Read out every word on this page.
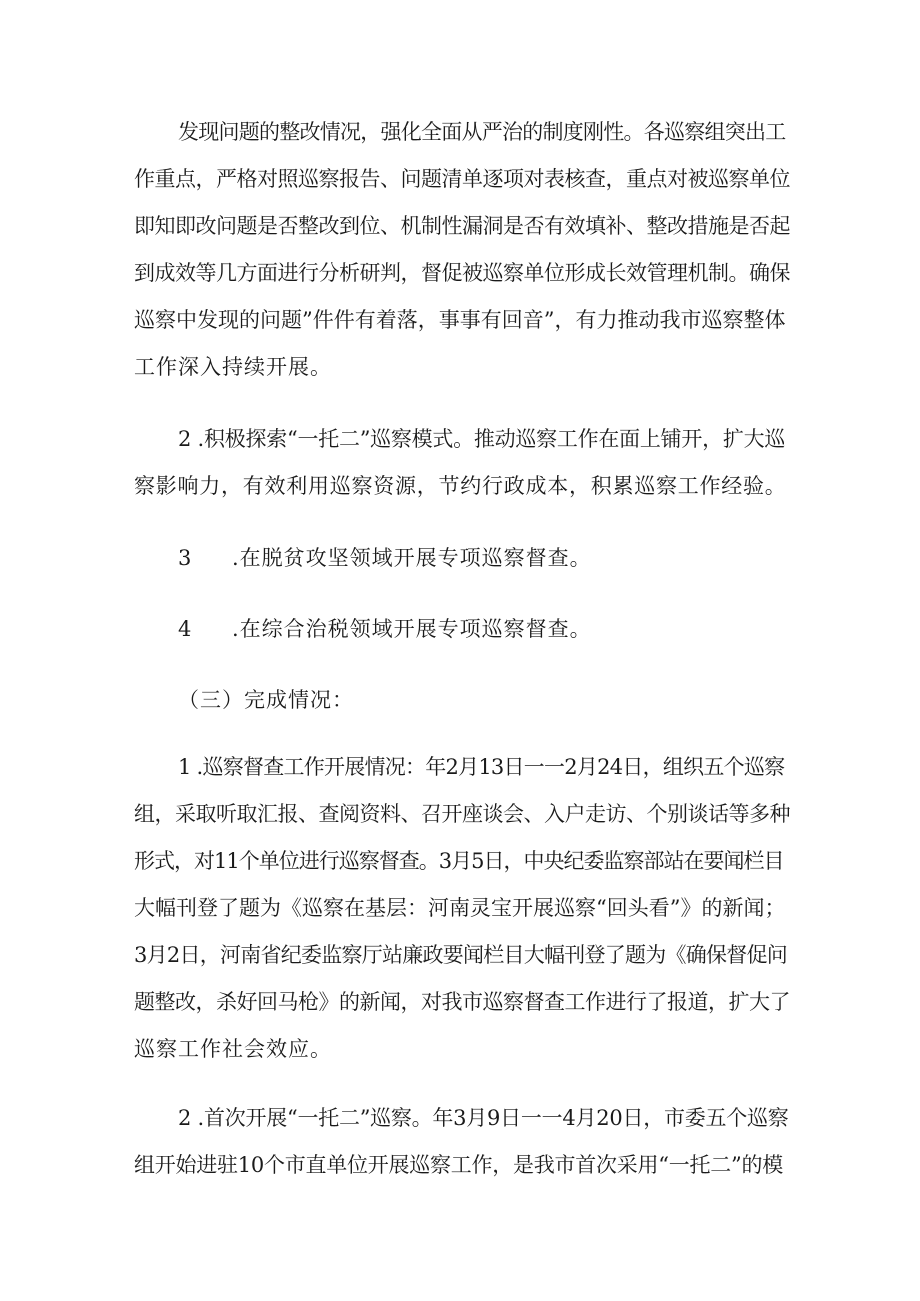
发现问题的整改情况，强化全面从严治的制度刚性。各巡察组突出工
作重点，严格对照巡察报告、问题清单逐项对表核查，重点对被巡察单位
即知即改问题是否整改到位、机制性漏洞是否有效填补、整改措施是否起
到成效等几方面进行分析研判，督促被巡察单位形成长效管理机制。确保
巡察中发现的问题”件件有着落，事事有回音”，有力推动我市巡察整体
工作深入持续开展。
2 .积极探索“一托二”巡察模式。推动巡察工作在面上铺开，扩大巡
察影响力，有效利用巡察资源，节约行政成本，积累巡察工作经验。
3 .在脱贫攻坚领域开展专项巡察督查。
4 .在综合治税领域开展专项巡察督查。
（三）完成情况：
1 .巡察督查工作开展情况：年2月13日一一2月24日，组织五个巡察
组，采取听取汇报、查阅资料、召开座谈会、入户走访、个别谈话等多种
形式，对11个单位进行巡察督查。3月5日，中央纪委监察部站在要闻栏目
大幅刊登了题为《巡察在基层：河南灵宝开展巡察“回头看”》的新闻；
3月2日，河南省纪委监察厅站廉政要闻栏目大幅刊登了题为《确保督促问
题整改，杀好回马枪》的新闻，对我市巡察督查工作进行了报道，扩大了
巡察工作社会效应。
2 .首次开展“一托二”巡察。年3月9日一一4月20日，市委五个巡察
组开始进驻10个市直单位开展巡察工作，是我市首次采用“一托二”的模
